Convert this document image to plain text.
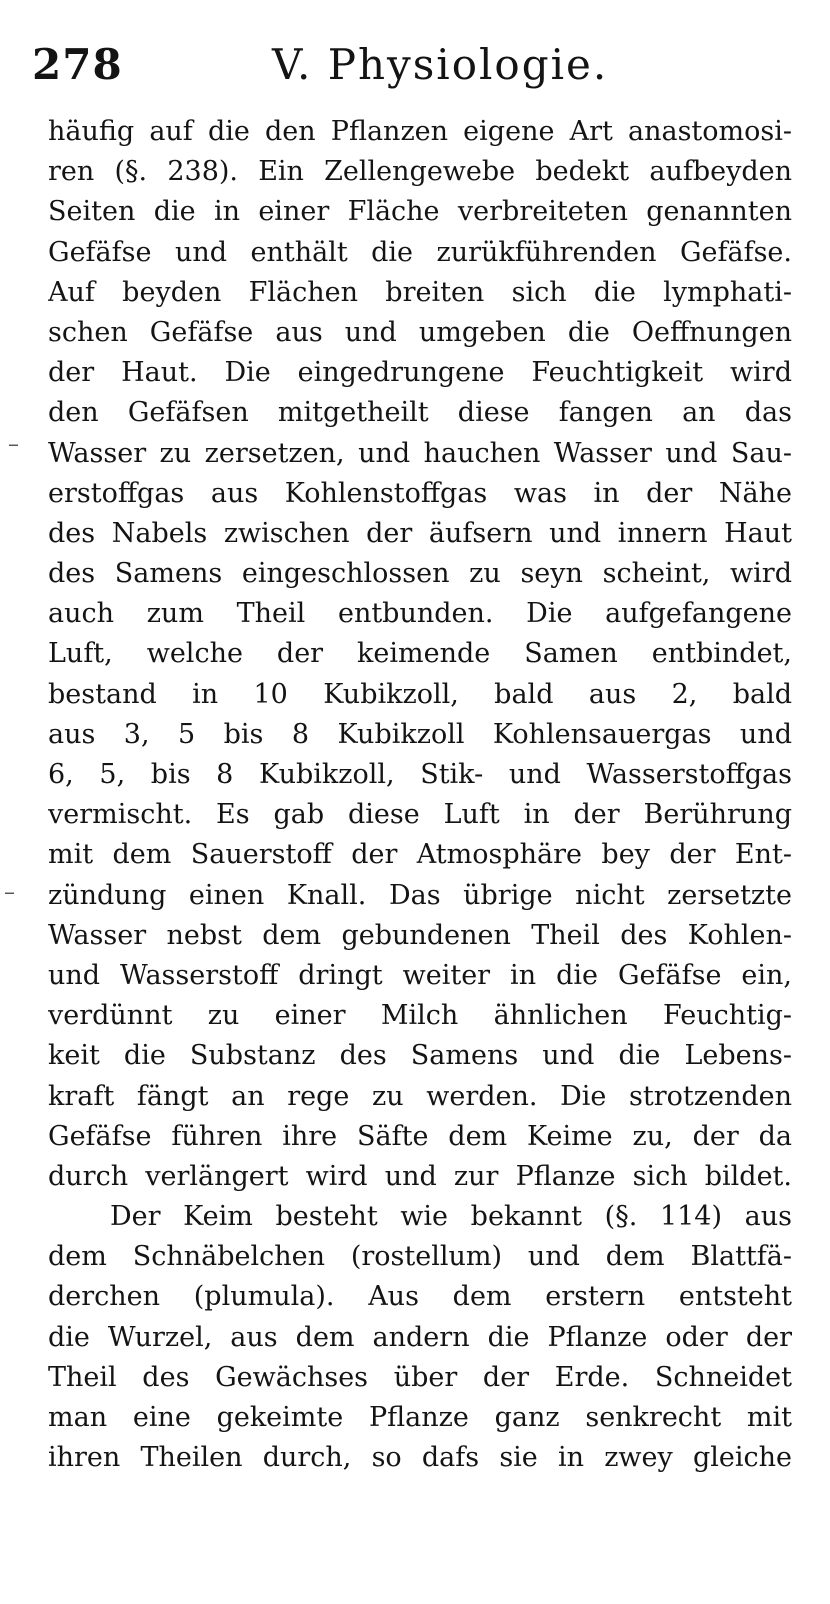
278	V. Physiologie.
häufig auf die den Pflanzen eigene Art anastomosi-
ren (§. 238). Ein Zellengewebe bedekt aufbeyden
Seiten die in einer Fläche verbreiteten genannten
Gefäfse und enthält die zurükführenden Gefäfse.
Auf beyden Flächen breiten sich die lymphati-
schen Gefäfse aus und umgeben die Oeffnungen
der Haut. Die eingedrungene Feuchtigkeit wird
den Gefäfsen mitgetheilt diese fangen an das
Wasser zu zersetzen, und hauchen Wasser und Sau-
erstoffgas aus Kohlenstoffgas was in der Nähe
des Nabels zwischen der äufsern und innern Haut
des Samens eingeschlossen zu seyn scheint, wird
auch zum Theil entbunden. Die aufgefangene
Luft, welche der keimende Samen entbindet,
bestand in 10 Kubikzoll, bald aus 2, bald
aus 3, 5 bis 8 Kubikzoll Kohlensauergas und
6, 5, bis 8 Kubikzoll, Stik- und Wasserstoffgas
vermischt. Es gab diese Luft in der Berührung
mit dem Sauerstoff der Atmosphäre bey der Ent-
zündung einen Knall. Das übrige nicht zersetzte
Wasser nebst dem gebundenen Theil des Kohlen-
und Wasserstoff dringt weiter in die Gefäfse ein,
verdünnt zu einer Milch ähnlichen Feuchtig-
keit die Substanz des Samens und die Lebens-
kraft fängt an rege zu werden. Die strotzenden
Gefäfse führen ihre Säfte dem Keime zu, der da
durch verlängert wird und zur Pflanze sich bildet.
Der Keim besteht wie bekannt (§. 114) aus
dem Schnäbelchen (rostellum) und dem Blattfä-
derchen (plumula). Aus dem erstern entsteht
die Wurzel, aus dem andern die Pflanze oder der
Theil des Gewächses über der Erde. Schneidet
man eine gekeimte Pflanze ganz senkrecht mit
ihren Theilen durch, so dafs sie in zwey gleiche
–
–
